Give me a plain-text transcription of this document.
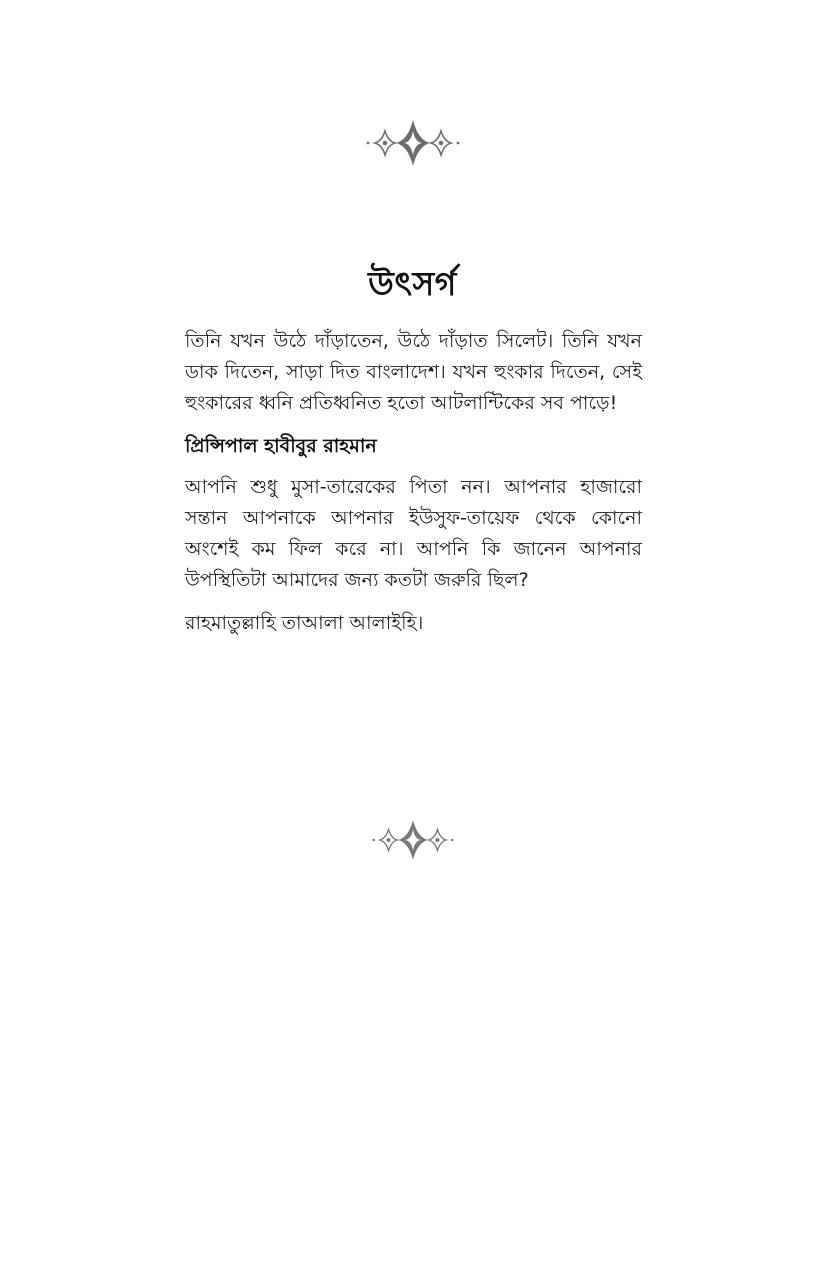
উৎসর্গ

তিনি যখন উঠে দাঁড়াতেন, উঠে দাঁড়াত সিলেট। তিনি যখন ডাক দিতেন, সাড়া দিত বাংলাদেশ। যখন হুংকার দিতেন, সেই হুংকারের ধ্বনি প্রতিধ্বনিত হতো আটলান্টিকের সব পাড়ে!

প্রিন্সিপাল হাবীবুর রাহমান

আপনি শুধু মুসা-তারেকের পিতা নন। আপনার হাজারো সন্তান আপনাকে আপনার ইউসুফ-তায়েফ থেকে কোনো অংশেই কম ফিল করে না। আপনি কি জানেন আপনার উপস্থিতিটা আমাদের জন্য কতটা জরুরি ছিল?

রাহমাতুল্লাহি তাআলা আলাইহি।
